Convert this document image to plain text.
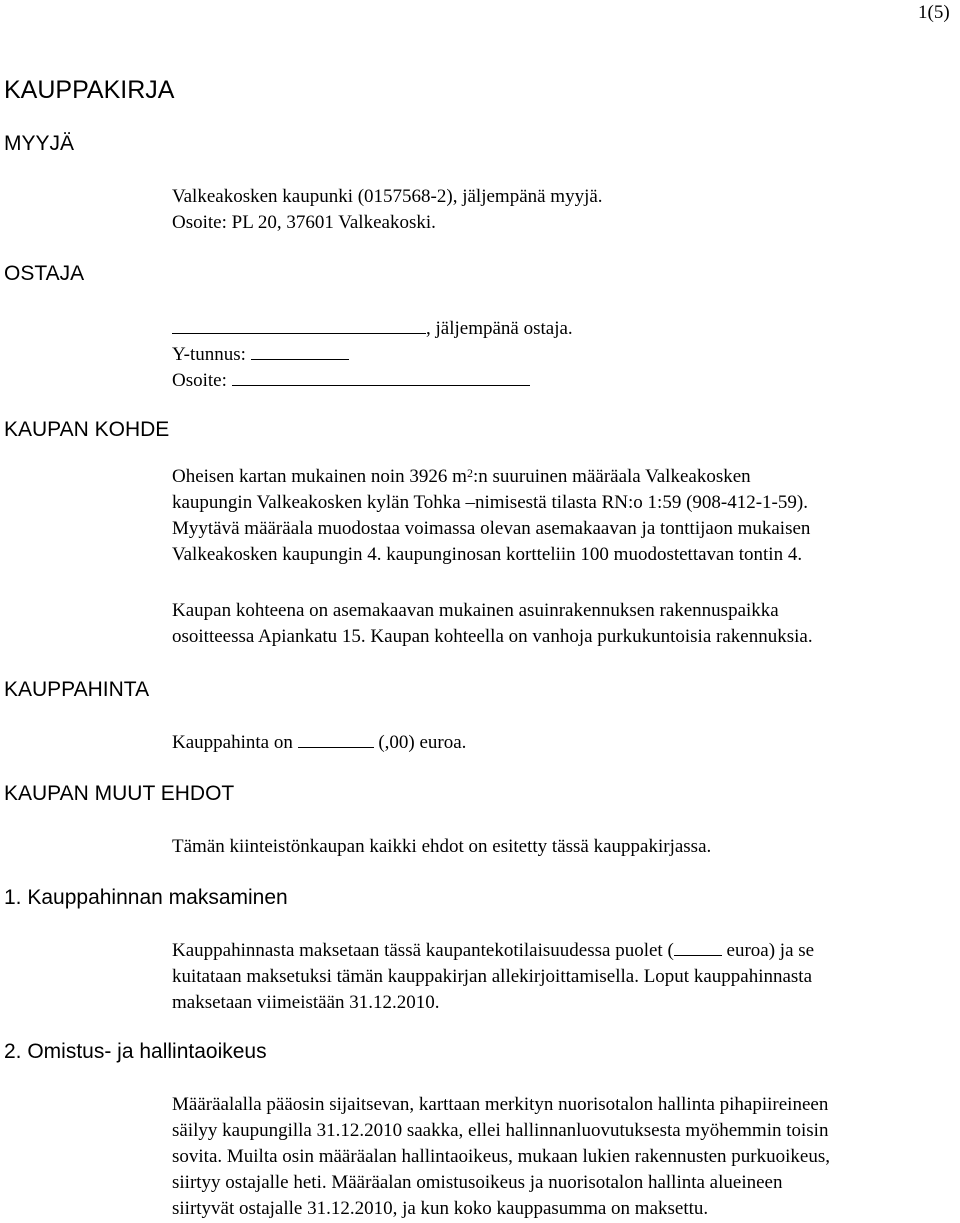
1(5)
KAUPPAKIRJA
MYYJÄ
Valkeakosken kaupunki (0157568-2), jäljempänä myyjä.
Osoite: PL 20, 37601 Valkeakoski.
OSTAJA
, jäljempänä ostaja.
Y-tunnus:
Osoite:
KAUPAN KOHDE
Oheisen kartan mukainen noin 3926 $m^2:n$ suuruinen määräala Valkeakosken
kaupungin Valkeakosken kylän Tohka –nimisestä tilasta RN:o 1:59 (908-412-1-59).
Myytävä määräala muodostaa voimassa olevan asemakaavan ja tonttijaon mukaisen
Valkeakosken kaupungin 4. kaupunginosan kortteliin 100 muodostettavan tontin 4.
Kaupan kohteena on asemakaavan mukainen asuinrakennuksen rakennuspaikka
osoitteessa Apiankatu 15. Kaupan kohteella on vanhoja purkukuntoisia rakennuksia.
KAUPPAHINTA
Kauppahinta on	(,00) euroa.
KAUPAN MUUT EHDOT
Tämän kiinteistönkaupan kaikki ehdot on esitetty tässä kauppakirjassa.
1. Kauppahinnan maksaminen
Kauppahinnasta maksetaan tässä kaupantekotilaisuudessa puolet (	euroa) ja se
kuitataan maksetuksi tämän kauppakirjan allekirjoittamisella. Loput kauppahinnasta
maksetaan viimeistään 31.12.2010.
2. Omistus- ja hallintaoikeus
Määräalalla pääosin sijaitsevan, karttaan merkityn nuorisotalon hallinta pihapiireineen
säilyy kaupungilla 31.12.2010 saakka, ellei hallinnanluovutuksesta myöhemmin toisin
sovita. Muilta osin määräalan hallintaoikeus, mukaan lukien rakennusten purkuoikeus,
siirtyy ostajalle heti. Määräalan omistusoikeus ja nuorisotalon hallinta alueineen
siirtyvät ostajalle 31.12.2010, ja kun koko kauppasumma on maksettu.
